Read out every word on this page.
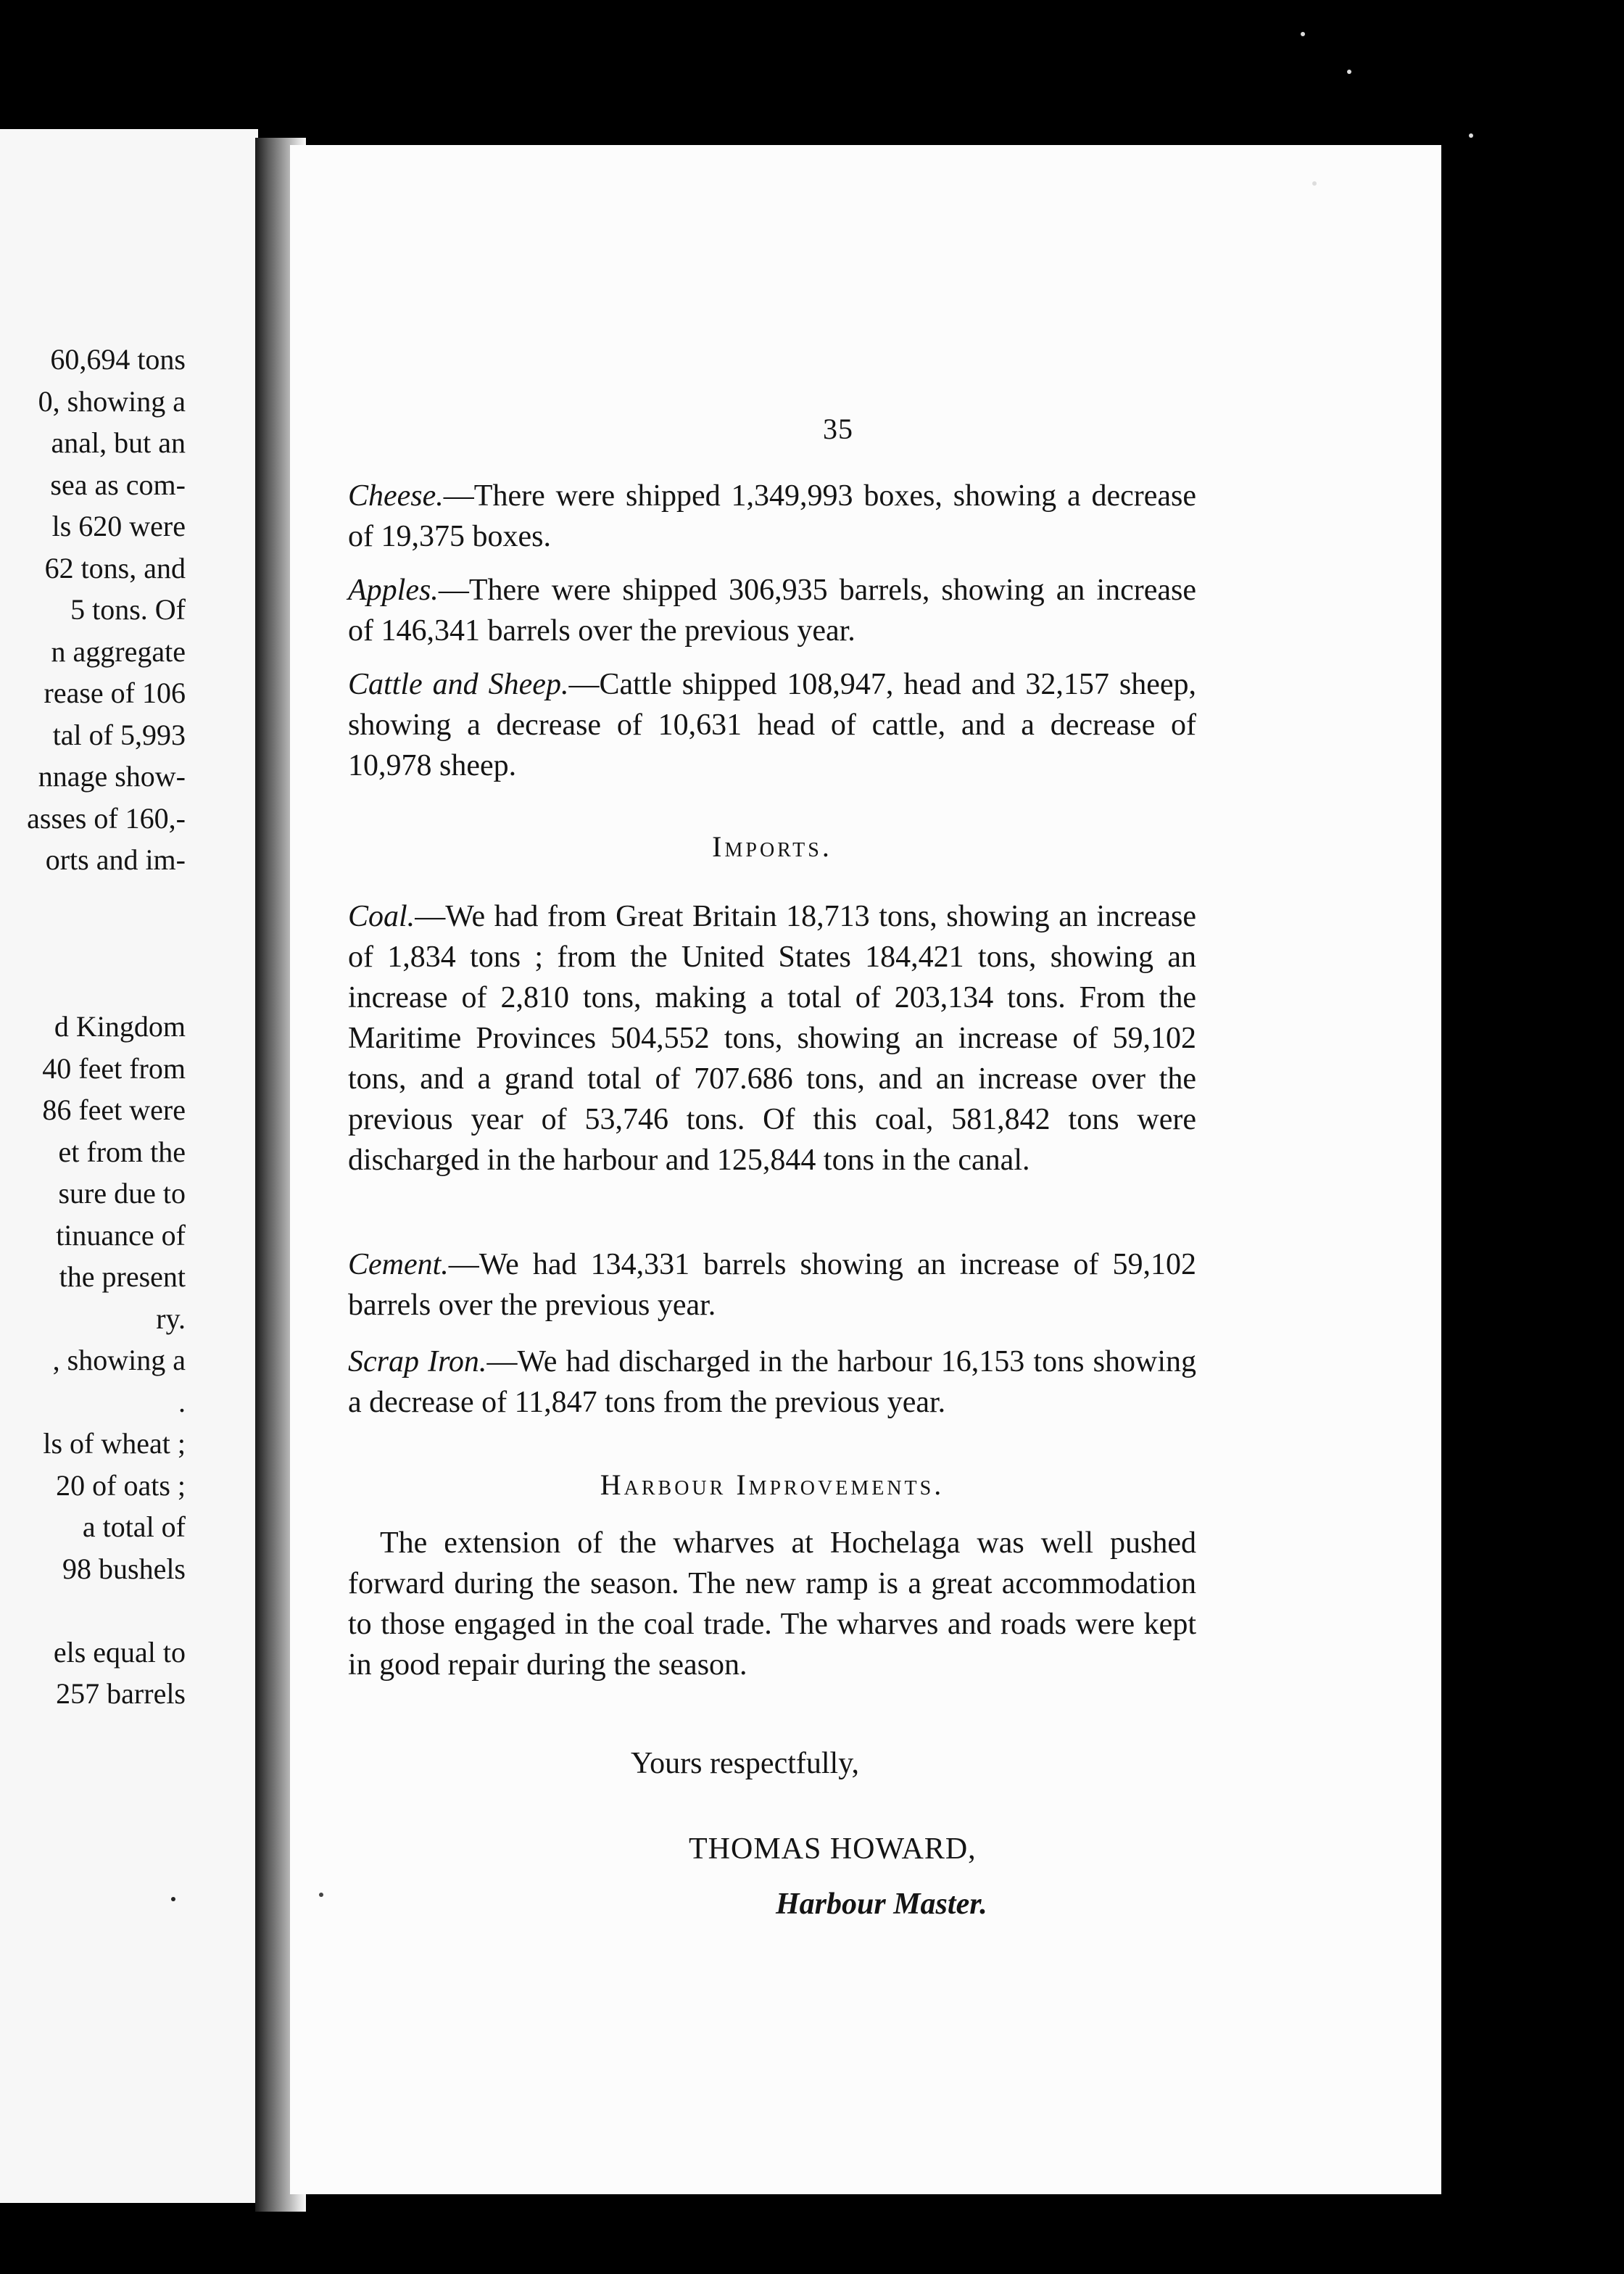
60,694 tons
0, showing a
anal, but an
sea as com-
ls 620 were
62 tons, and
5 tons. Of
n aggregate
rease of 106
tal of 5,993
nnage show-
asses of 160,-
orts and im-
d Kingdom
40 feet from
86 feet were
et from the
sure due to
tinuance of
the present
ry.
, showing a
.
ls of wheat ;
20 of oats ;
a total of
98 bushels
els equal to
257 barrels
35

Cheese.—There were shipped 1,349,993 boxes, showing a decrease of 19,375 boxes.

Apples.—There were shipped 306,935 barrels, showing an increase of 146,341 barrels over the previous year.

Cattle and Sheep.—Cattle shipped 108,947, head and 32,157 sheep, showing a decrease of 10,631 head of cattle, and a decrease of 10,978 sheep.

Imports.

Coal.—We had from Great Britain 18,713 tons, showing an increase of 1,834 tons ; from the United States 184,421 tons, showing an increase of 2,810 tons, making a total of 203,134 tons. From the Maritime Provinces 504,552 tons, showing an increase of 59,102 tons, and a grand total of 707.686 tons, and an increase over the previous year of 53,746 tons. Of this coal, 581,842 tons were discharged in the harbour and 125,844 tons in the canal.

Cement.—We had 134,331 barrels showing an increase of 59,102 barrels over the previous year.

Scrap Iron.—We had discharged in the harbour 16,153 tons showing a decrease of 11,847 tons from the previous year.

Harbour Improvements.

The extension of the wharves at Hochelaga was well pushed forward during the season. The new ramp is a great accommodation to those engaged in the coal trade. The wharves and roads were kept in good repair during the season.

Yours respectfully,
THOMAS HOWARD,
Harbour Master.
